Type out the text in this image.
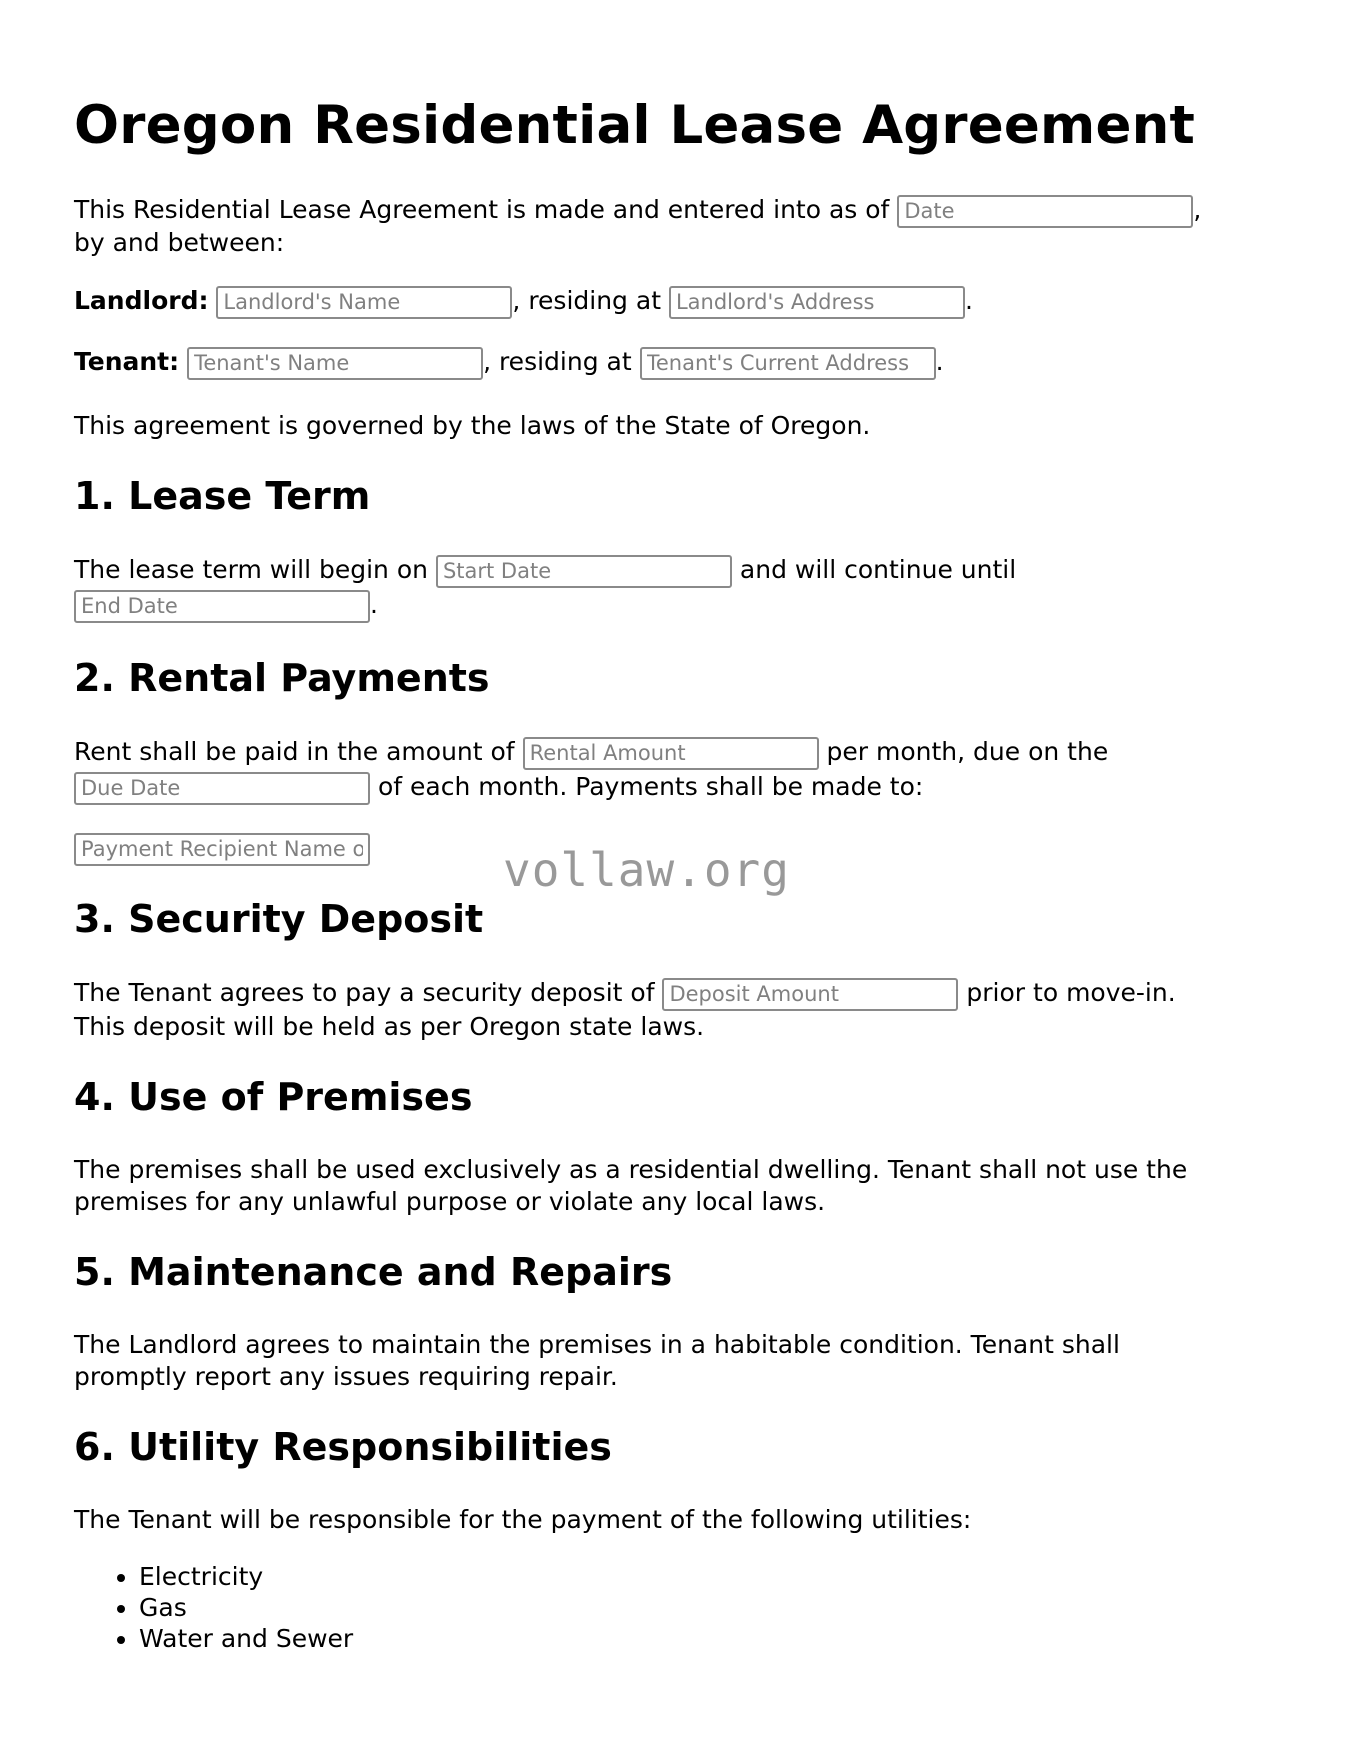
Oregon Residential Lease Agreement
This Residential Lease Agreement is made and entered into as of Date	,
by and between:
Landlord: Landlord's Name	, residing at Landlord's Address	.
Tenant: Tenant's Name	, residing at Tenant's Current Address	.
This agreement is governed by the laws of the State of Oregon.
1. Lease Term
The lease term will begin on Start Date	and will continue until
End Date.
2. Rental Payments
Rent shall be paid in the amount of Rental Amount	per month, due on the
Due Date of each month. Payments shall be made to:
Payment Recipient Name or Address
3. Security Deposit
The Tenant agrees to pay a security deposit of Deposit Amount	prior to move-in.
This deposit will be held as per Oregon state laws.
4. Use of Premises
The premises shall be used exclusively as a residential dwelling. Tenant shall not use the
premises for any unlawful purpose or violate any local laws.
5. Maintenance and Repairs
The Landlord agrees to maintain the premises in a habitable condition. Tenant shall
promptly report any issues requiring repair.
6. Utility Responsibilities
The Tenant will be responsible for the payment of the following utilities:
• Electricity
• Gas
• Water and Sewer
vollaw.org
